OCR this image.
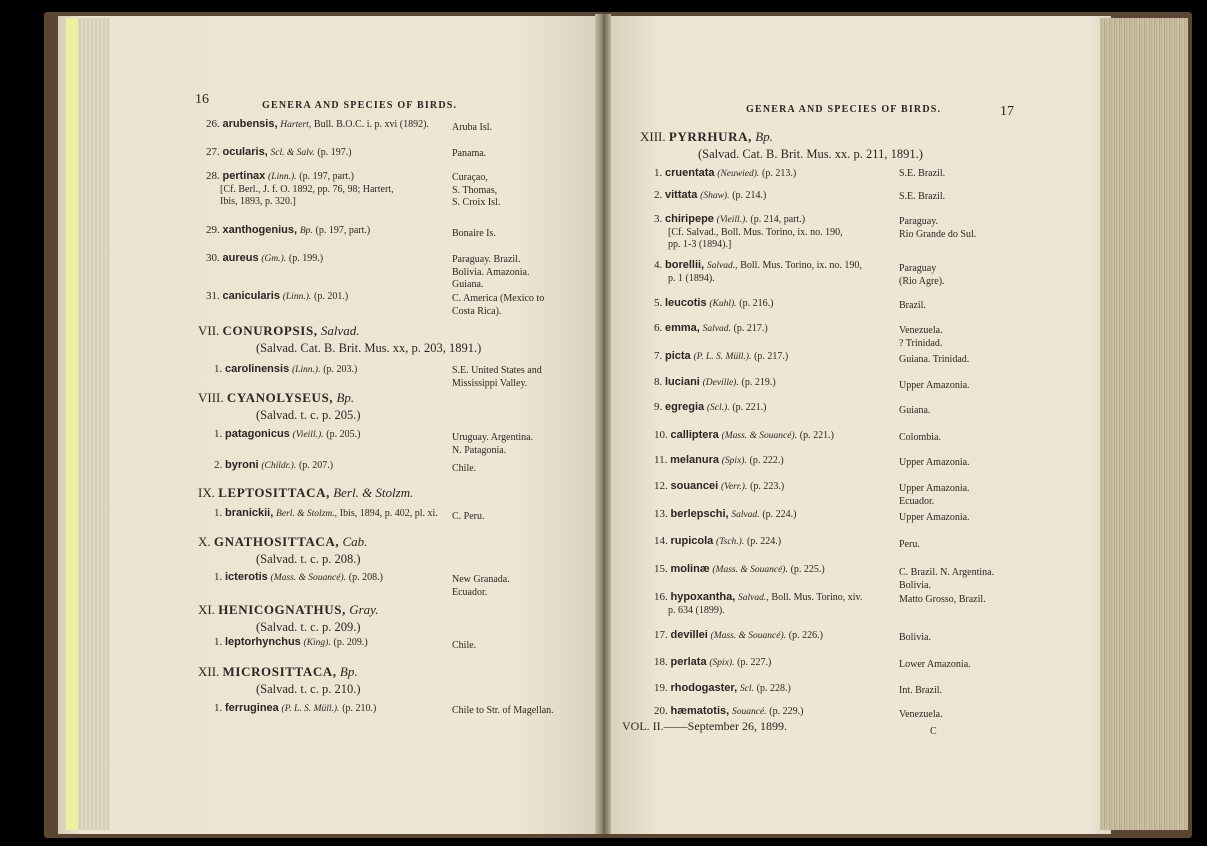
16	GENERA AND SPECIES OF BIRDS.
26. arubensis, Hartert, Bull. B.O.C. i. p. xvi (1892). Aruba Isl.
27. ocularis, Scl. & Salv. (p. 197.)	Panama.
28. pertinax (Linn.). (p. 197, part.)
[Cf. Berl., J. f. O. 1892, pp. 76, 98; Hartert,
Ibis, 1893, p. 320.]
Curaçao,
S. Thomas,
S. Croix Isl.
29. xanthogenius, Bp. (p. 197, part.)	Bonaire Is.
30. aureus (Gm.). (p. 199.)	Paraguay. Brazil.
Bolivia. Amazonia.
Guiana.
31. canicularis (Linn.). (p. 201.)	C. America (Mexico to
Costa Rica).
1. carolinensis (Linn.). (p. 203.)	S.E. United States and
Mississippi Valley.
1. patagonicus (Vieill.). (p. 205.)	Uruguay. Argentina.
N. Patagonia.
2. byroni (Childr.). (p. 207.)	Chile.
1. branickii, Berl. & Stolzm., Ibis, 1894, p. 402, pl. xi. C. Peru.
1. icterotis (Mass. & Souancé). (p. 208.)	New Granada.
Ecuador.
1. leptorhynchus (King). (p. 209.)	Chile.
1. ferruginea (P. L. S. Müll.). (p. 210.)	Chile to Str. of Magellan.
VII. CONUROPSIS, Salvad.
(Salvad. Cat. B. Brit. Mus. xx, p. 203, 1891.)
VIII. CYANOLYSEUS, Bp.
(Salvad. t. c. p. 205.)
IX. LEPTOSITTACA, Berl. & Stolzm.
X. GNATHOSITTACA, Cab.
(Salvad. t. c. p. 208.)
XI. HENICOGNATHUS, Gray.
(Salvad. t. c. p. 209.)
XII. MICROSITTACA, Bp.
(Salvad. t. c. p. 210.)
GENERA AND SPECIES OF BIRDS.	17
XIII. PYRRHURA, Bp.
(Salvad. Cat. B. Brit. Mus. xx. p. 211, 1891.)
1. cruentata (Neuwied). (p. 213.)	S.E. Brazil.
2. vittata (Shaw). (p. 214.)	S.E. Brazil.
3. chiripepe (Vieill.). (p. 214, part.)
[Cf. Salvad., Boll. Mus. Torino, ix. no. 190,
pp. 1-3 (1894).]
Paraguay.
Rio Grande do Sul.
4. borellii, Salvad., Boll. Mus. Torino, ix. no. 190,
p. 1 (1894).
Paraguay
(Rio Agre).
5. leucotis (Kuhl). (p. 216.)	Brazil.
6. emma, Salvad. (p. 217.)	Venezuela.
? Trinidad.
7. picta (P. L. S. Müll.). (p. 217.)	Guiana. Trinidad.
8. luciani (Deville). (p. 219.)	Upper Amazonia.
9. egregia (Scl.). (p. 221.)	Guiana.
10. calliptera (Mass. & Souancé). (p. 221.)	Colombia.
11. melanura (Spix). (p. 222.)	Upper Amazonia.
12. souancei (Verr.). (p. 223.)	Upper Amazonia.
Ecuador.
13. berlepschi, Salvad. (p. 224.)	Upper Amazonia.
14. rupicola (Tsch.). (p. 224.)	Peru.
15. molinæ (Mass. & Souancé). (p. 225.)	C. Brazil. N. Argentina.
Bolivia.
16. hypoxantha, Salvad., Boll. Mus. Torino, xiv.
p. 634 (1899).
Matto Grosso, Brazil.
17. devillei (Mass. & Souancé). (p. 226.)	Bolivia.
18. perlata (Spix). (p. 227.)	Lower Amazonia.
19. rhodogaster, Scl. (p. 228.)	Int. Brazil.
20. hæmatotis, Souancé. (p. 229.)	Venezuela.
VOL. II.——September 26, 1899.	C
